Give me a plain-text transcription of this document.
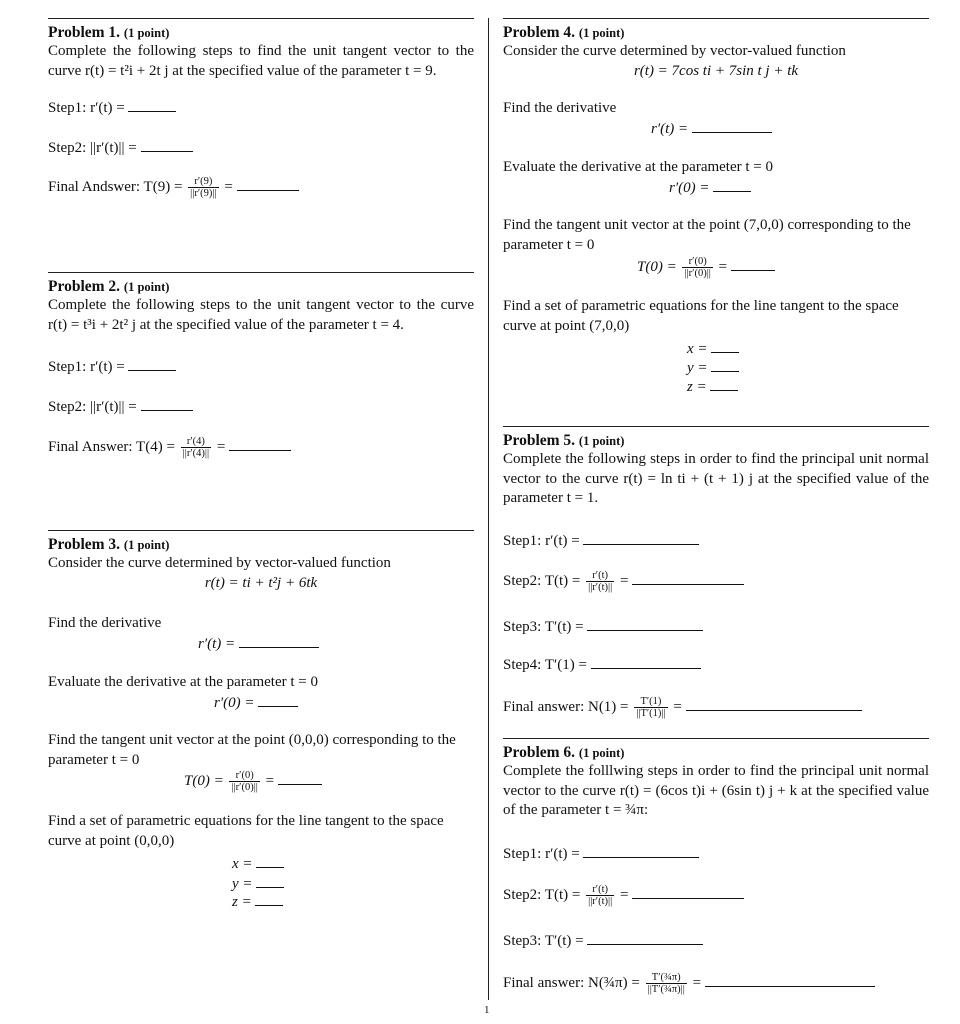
Problem 1. (1 point)
Complete the following steps to find the unit tangent vector to the curve r(t) = t²i + 2t j at the specified value of the parameter t = 9.
Step1: r′(t) =
Step2: ||r′(t)|| =
Final Andswer: $T(9) = \frac{r'(9)}{||r'(9)||}$ =
Problem 2. (1 point)
Complete the following steps to the unit tangent vector to the curve r(t) = t³i + 2t² j at the specified value of the parameter t = 4.
Step1: r′(t) =
Step2: ||r′(t)|| =
Final Answer: $T(4) = \frac{r'(4)}{||r'(4)||}$ =
Problem 3. (1 point)
Consider the curve determined by vector-valued function
r(t) = ti + t²j + 6tk
Find the derivative
r′(t) =
Evaluate the derivative at the parameter t = 0
r′(0) =
Find the tangent unit vector at the point (0,0,0) corresponding to the parameter t = 0
$T(0) = \frac{r'(0)}{||r'(0)||}$ =
Find a set of parametric equations for the line tangent to the space curve at point (0,0,0)
x =
y =
z =
Problem 4. (1 point)
Consider the curve determined by vector-valued function
r(t) = 7cos ti + 7sin t j + tk
Find the derivative
r′(t) =
Evaluate the derivative at the parameter t = 0
r′(0) =
Find the tangent unit vector at the point (7,0,0) corresponding to the parameter t = 0
$T(0) = \frac{r'(0)}{||r'(0)||}$ =
Find a set of parametric equations for the line tangent to the space curve at point (7,0,0)
x =
y =
z =
Problem 5. (1 point)
Complete the following steps in order to find the principal unit normal vector to the curve r(t) = ln ti + (t + 1) j at the specified value of the parameter t = 1.
Step1: r′(t) =
Step2: $T(t) = \frac{r'(t)}{||r'(t)||}$ =
Step3: T′(t) =
Step4: T′(1) =
Final answer: $N(1) = \frac{T'(1)}{||T'(1)||}$ =
Problem 6. (1 point)
Complete the folllwing steps in order to find the principal unit normal vector to the curve r(t) = (6cos t)i + (6sin t) j + k at the specified value of the parameter t = ¾π:
Step1: r′(t) =
Step2: $T(t) = \frac{r'(t)}{||r'(t)||}$ =
Step3: T′(t) =
Final answer: N(¾π) = $\frac{\text{T′(¾π)}}{\text{||T′(¾π)||}}$ =
1
